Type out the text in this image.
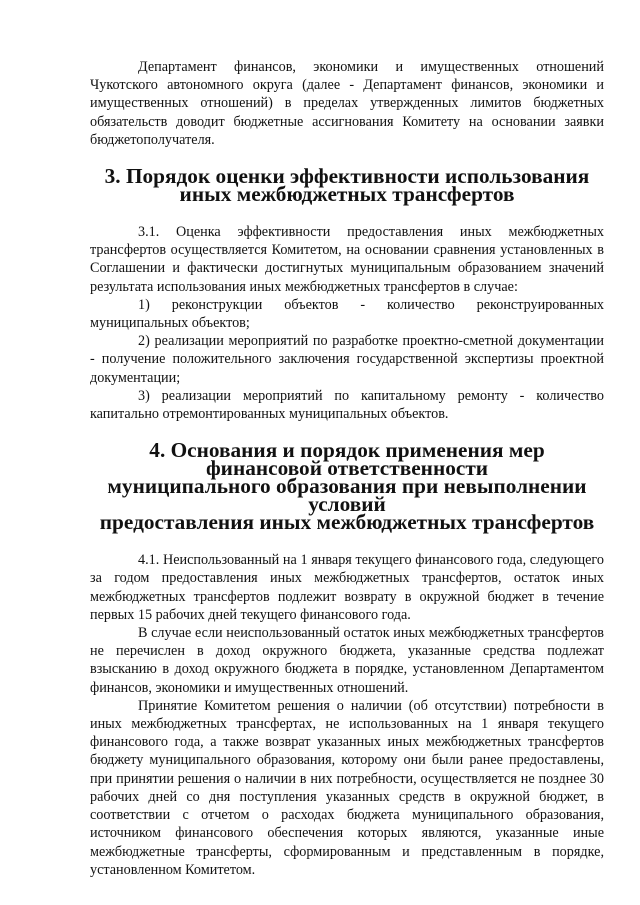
Департамент финансов, экономики и имущественных отношений Чукотского автономного округа (далее - Департамент финансов, экономики и имущественных отношений) в пределах утвержденных лимитов бюджетных обязательств доводит бюджетные ассигнования Комитету на основании заявки бюджетополучателя.

3. Порядок оценки эффективности использования
иных межбюджетных трансфертов

3.1. Оценка эффективности предоставления иных межбюджетных трансфертов осуществляется Комитетом, на основании сравнения установленных в Соглашении и фактически достигнутых муниципальным образованием значений результата использования иных межбюджетных трансфертов в случае:

1) реконструкции объектов - количество реконструированных муниципальных объектов;

2) реализации мероприятий по разработке проектно-сметной документации - получение положительного заключения государственной экспертизы проектной документации;

3) реализации мероприятий по капитальному ремонту - количество капитально отремонтированных муниципальных объектов.

4. Основания и порядок применения мер финансовой ответственности
муниципального образования при невыполнении условий
предоставления иных межбюджетных трансфертов

4.1. Неиспользованный на 1 января текущего финансового года, следующего за годом предоставления иных межбюджетных трансфертов, остаток иных межбюджетных трансфертов подлежит возврату в окружной бюджет в течение первых 15 рабочих дней текущего финансового года.

В случае если неиспользованный остаток иных межбюджетных трансфертов не перечислен в доход окружного бюджета, указанные средства подлежат взысканию в доход окружного бюджета в порядке, установленном Департаментом финансов, экономики и имущественных отношений.

Принятие Комитетом решения о наличии (об отсутствии) потребности в иных межбюджетных трансфертах, не использованных на 1 января текущего финансового года, а также возврат указанных иных межбюджетных трансфертов бюджету муниципального образования, которому они были ранее предоставлены, при принятии решения о наличии в них потребности, осуществляется не позднее 30 рабочих дней со дня поступления указанных средств в окружной бюджет, в соответствии с отчетом о расходах бюджета муниципального образования, источником финансового обеспечения которых являются, указанные иные межбюджетные трансферты, сформированным и представленным в порядке, установленном Комитетом.
